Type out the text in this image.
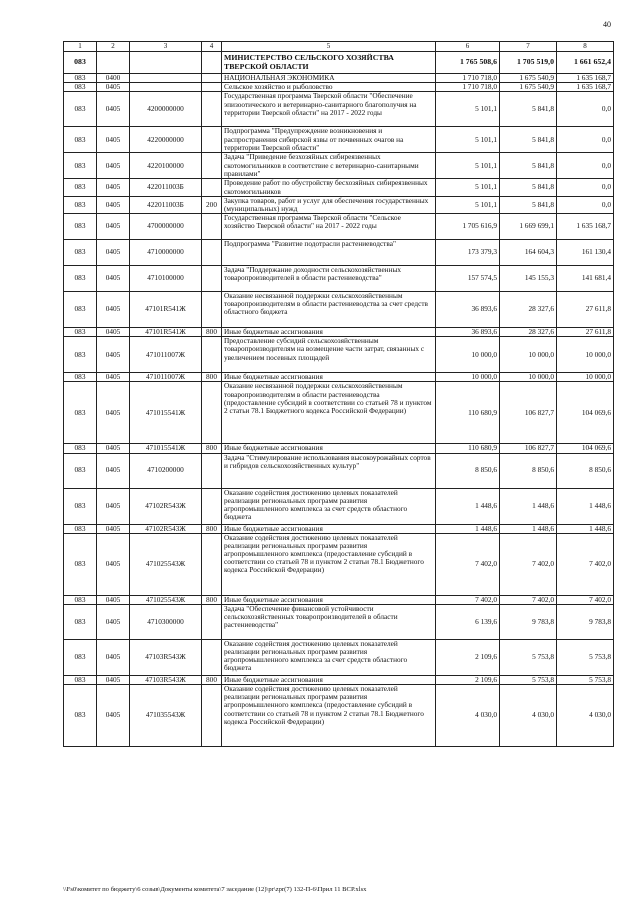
40
1	2	3	4	5	6	7	8
083				МИНИСТЕРСТВО СЕЛЬСКОГО ХОЗЯЙСТВА ТВЕРСКОЙ ОБЛАСТИ	1 765 508,6	1 705 519,0	1 661 652,4
083	0400			НАЦИОНАЛЬНАЯ ЭКОНОМИКА	1 710 718,0	1 675 540,9	1 635 168,7
083	0405			Сельское хозяйство и рыболовство	1 710 718,0	1 675 540,9	1 635 168,7
083	0405	4200000000		Государственная программа Тверской области "Обеспечение эпизоотического и ветеринарно-санитарного благополучия на территории Тверской области" на 2017 - 2022 годы	5 101,1	5 841,8	0,0
083	0405	4220000000		Подпрограмма "Предупреждение возникновения и распространения сибирской язвы от почвенных очагов на территории Тверской области"	5 101,1	5 841,8	0,0
083	0405	4220100000		Задача "Приведение безхозяйных сибиреязвенных скотомогильников в соответствие с ветеринарно-санитарными правилами"	5 101,1	5 841,8	0,0
083	0405	422011003Б		Проведение работ по обустройству бесхозяйных сибиреязвенных скотомогильников	5 101,1	5 841,8	0,0
083	0405	422011003Б	200	Закупка товаров, работ и услуг для обеспечения государственных (муниципальных) нужд	5 101,1	5 841,8	0,0
083	0405	4700000000		Государственная программа Тверской области "Сельское хозяйство Тверской области" на 2017 - 2022 годы	1 705 616,9	1 669 699,1	1 635 168,7
083	0405	4710000000		Подпрограмма "Развитие подотрасли растениеводства"	173 379,3	164 604,3	161 130,4
083	0405	4710100000		Задача "Поддержание доходности сельскохозяйственных товаропроизводителей в области растениеводства"	157 574,5	145 155,3	141 681,4
083	0405	47101R541Ж		Оказание несвязанной поддержки сельскохозяйственным товаропроизводителям в области растениеводства за счет средств областного бюджета	36 893,6	28 327,6	27 611,8
083	0405	47101R541Ж	800	Иные бюджетные ассигнования	36 893,6	28 327,6	27 611,8
083	0405	471011007Ж		Предоставление субсидий сельскохозяйственным товаропроизводителям на возмещение части затрат, связанных с увеличением посевных площадей	10 000,0	10 000,0	10 000,0
083	0405	471011007Ж	800	Иные бюджетные ассигнования	10 000,0	10 000,0	10 000,0
083	0405	471015541Ж		Оказание несвязанной поддержки сельскохозяйственным товаропроизводителям в области растениеводства (предоставление субсидий в соответствии со статьей 78 и пунктом 2 статьи 78.1 Бюджетного кодекса Российской Федерации)	110 680,9	106 827,7	104 069,6
083	0405	471015541Ж	800	Иные бюджетные ассигнования	110 680,9	106 827,7	104 069,6
083	0405	4710200000		Задача "Стимулирование использования высокоурожайных сортов и гибридов сельскохозяйственных культур"	8 850,6	8 850,6	8 850,6
083	0405	47102R543Ж		Оказание содействия достижению целевых показателей реализации региональных программ развития агропромышленного комплекса за счет средств областного бюджета	1 448,6	1 448,6	1 448,6
083	0405	47102R543Ж	800	Иные бюджетные ассигнования	1 448,6	1 448,6	1 448,6
083	0405	471025543Ж		Оказание содействия достижению целевых показателей реализации региональных программ развития агропромышленного комплекса (предоставление субсидий в соответствии со статьей 78 и пунктом 2 статьи 78.1 Бюджетного кодекса Российской Федерации)	7 402,0	7 402,0	7 402,0
083	0405	471025543Ж	800	Иные бюджетные ассигнования	7 402,0	7 402,0	7 402,0
083	0405	4710300000		Задача "Обеспечение финансовой устойчивости сельскохозяйственных товаропроизводителей в области растениеводства"	6 139,6	9 783,8	9 783,8
083	0405	47103R543Ж		Оказание содействия достижению целевых показателей реализации региональных программ развития агропромышленного комплекса за счет средств областного бюджета	2 109,6	5 753,8	5 753,8
083	0405	47103R543Ж	800	Иные бюджетные ассигнования	2 109,6	5 753,8	5 753,8
083	0405	471035543Ж		Оказание содействия достижению целевых показателей реализации региональных программ развития агропромышленного комплекса (предоставление субсидий в соответствии со статьей 78 и пунктом 2 статьи 78.1 Бюджетного кодекса Российской Федерации)	4 030,0	4 030,0	4 030,0
\\Fs0\комитет по бюджету\6 созыв\Документы комитета\7 заседание (12)\pr\zpr(7) 132-П-6\Прил 11 ВСР.xlsx
